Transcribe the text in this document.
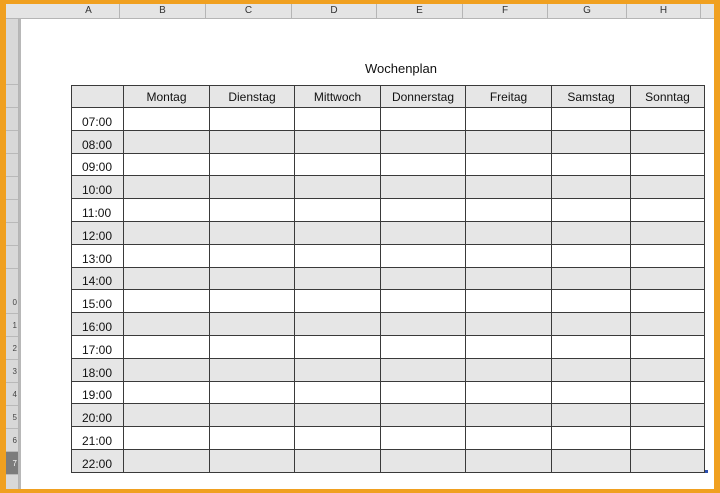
A	B	C	D	E	F	G	H
0
1
2
3
4
5
6
7
Wochenplan
	Montag	Dienstag	Mittwoch	Donnerstag	Freitag	Samstag	Sonntag
07:00							
08:00							
09:00							
10:00							
11:00							
12:00							
13:00							
14:00							
15:00							
16:00							
17:00							
18:00							
19:00							
20:00							
21:00							
22:00							
